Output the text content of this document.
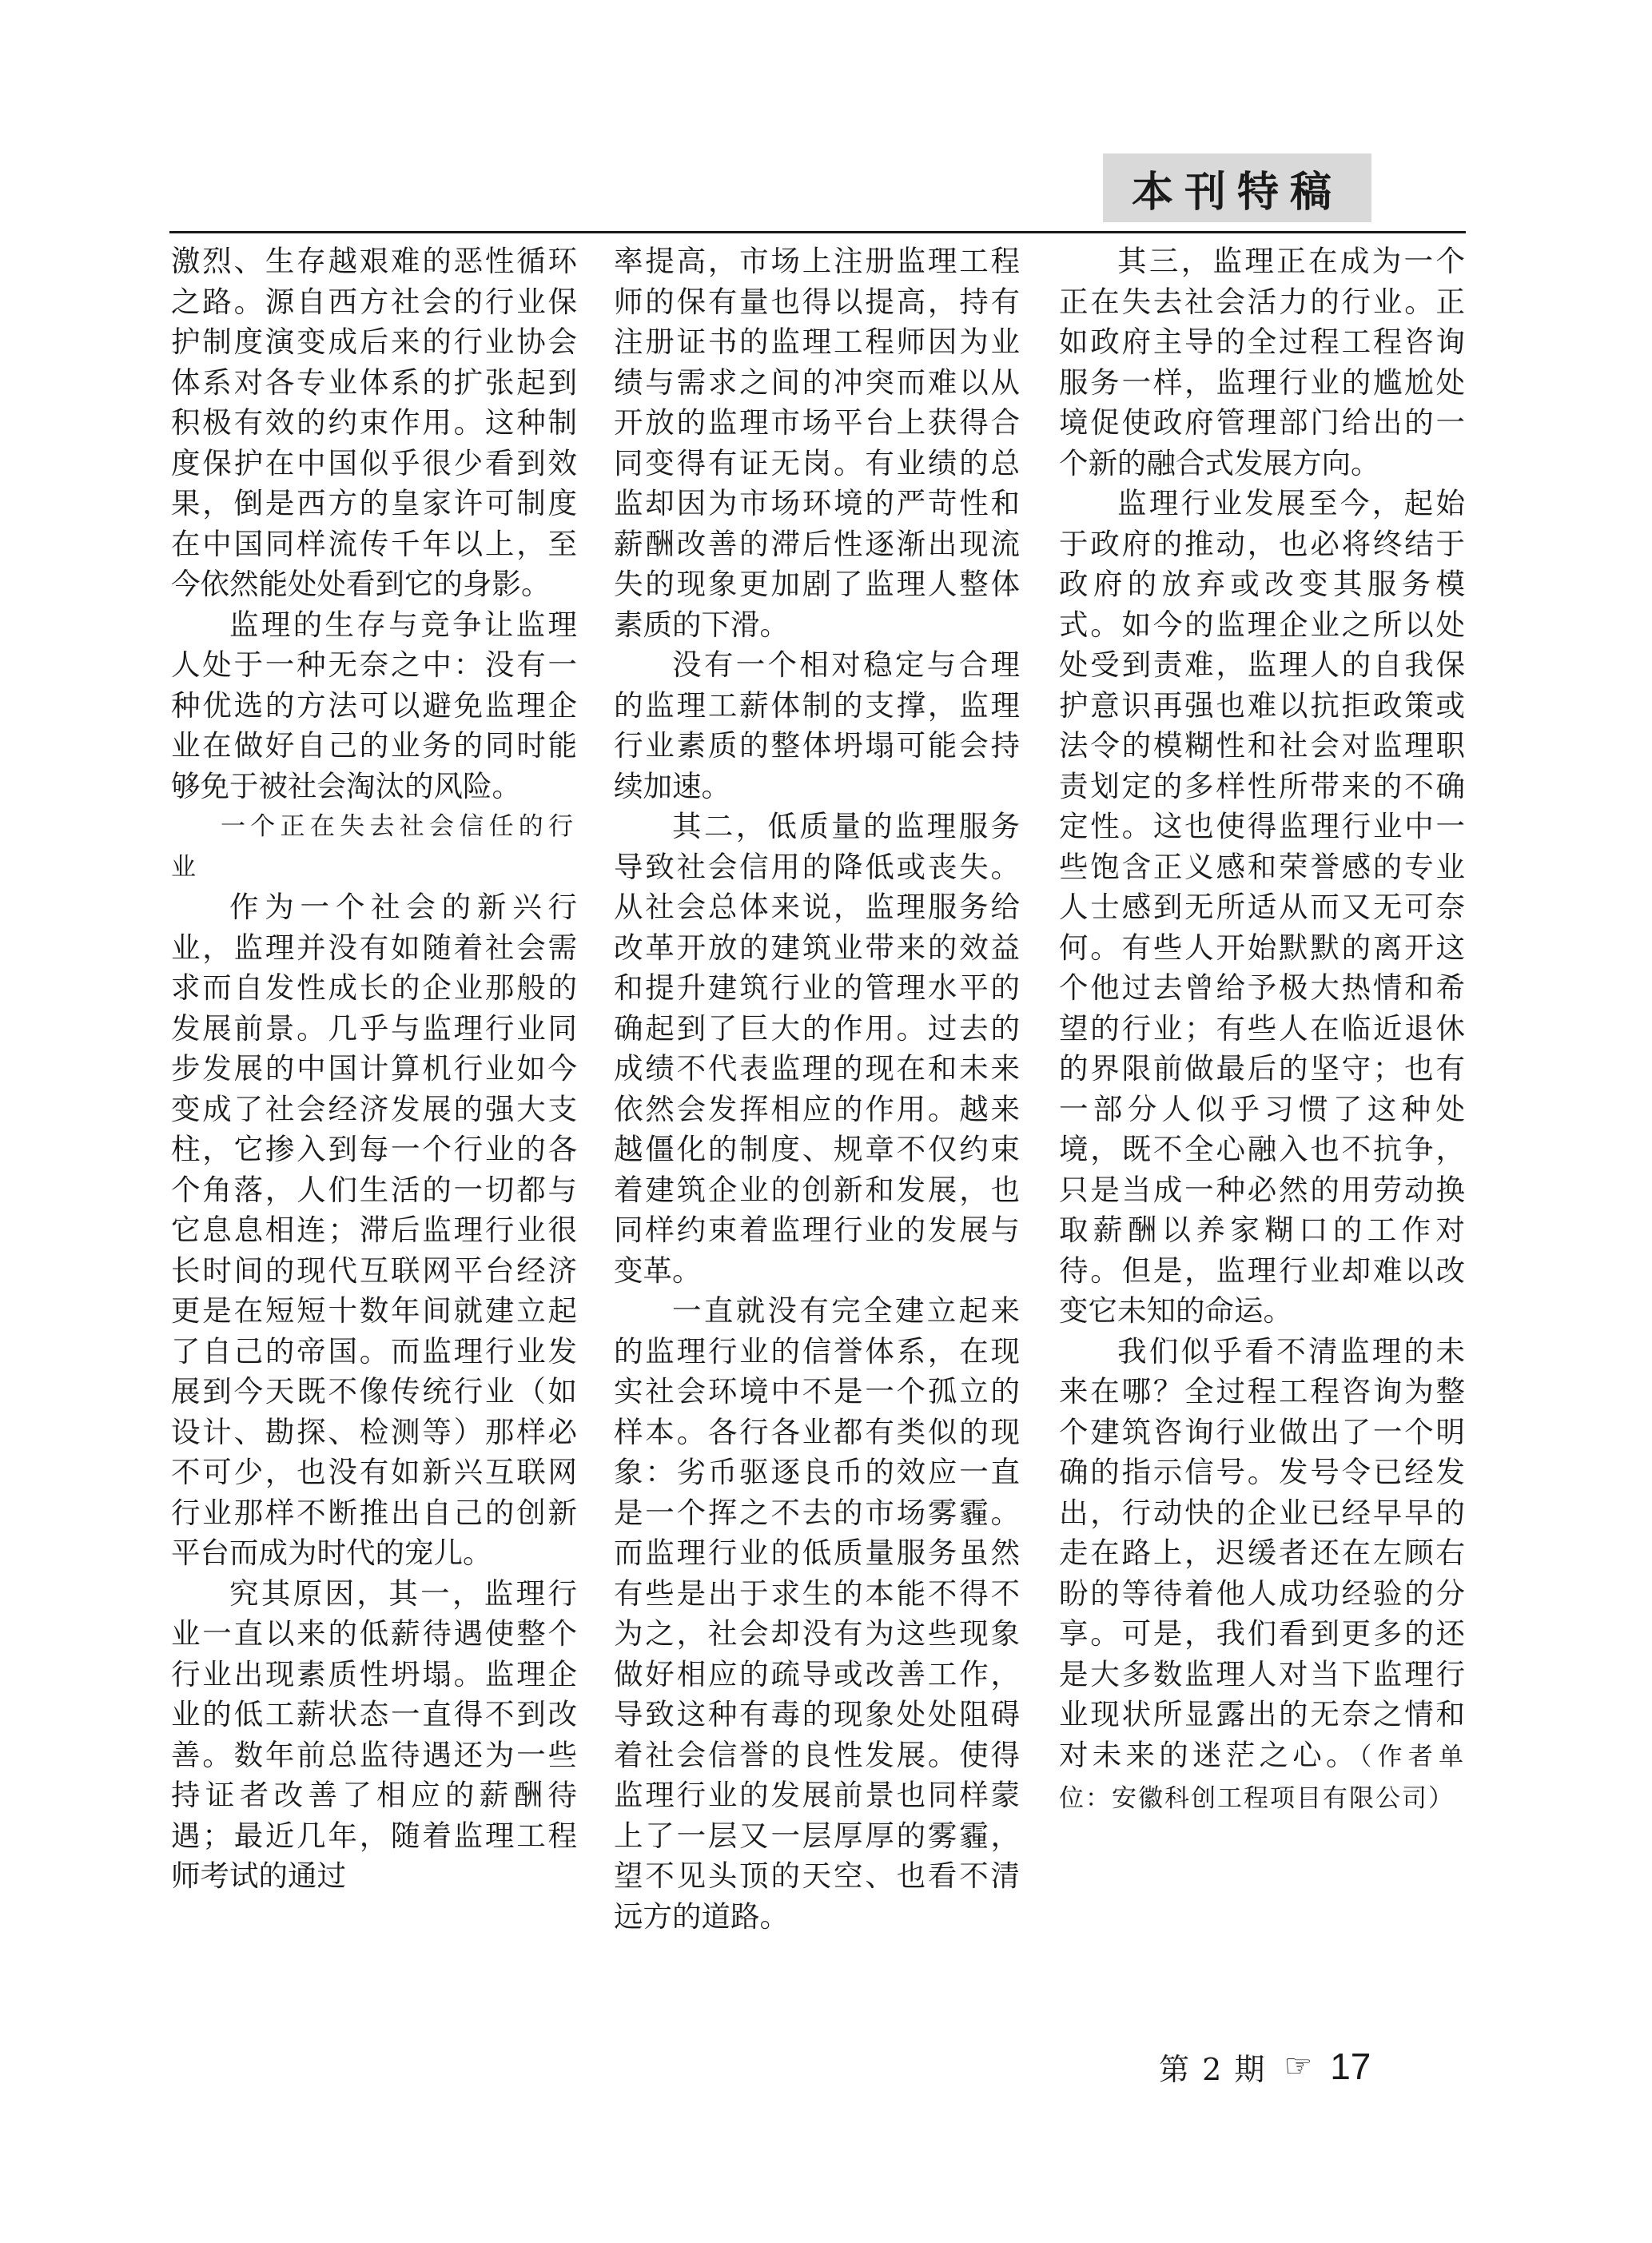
本刊特稿

激烈、生存越艰难的恶性循环之路。源自西方社会的行业保护制度演变成后来的行业协会体系对各专业体系的扩张起到积极有效的约束作用。这种制度保护在中国似乎很少看到效果，倒是西方的皇家许可制度在中国同样流传千年以上，至今依然能处处看到它的身影。

监理的生存与竞争让监理人处于一种无奈之中：没有一种优选的方法可以避免监理企业在做好自己的业务的同时能够免于被社会淘汰的风险。

一个正在失去社会信任的行业

作为一个社会的新兴行业，监理并没有如随着社会需求而自发性成长的企业那般的发展前景。几乎与监理行业同步发展的中国计算机行业如今变成了社会经济发展的强大支柱，它掺入到每一个行业的各个角落，人们生活的一切都与它息息相连；滞后监理行业很长时间的现代互联网平台经济更是在短短十数年间就建立起了自己的帝国。而监理行业发展到今天既不像传统行业（如设计、勘探、检测等）那样必不可少，也没有如新兴互联网行业那样不断推出自己的创新平台而成为时代的宠儿。

究其原因，其一，监理行业一直以来的低薪待遇使整个行业出现素质性坍塌。监理企业的低工薪状态一直得不到改善。数年前总监待遇还为一些持证者改善了相应的薪酬待遇；最近几年，随着监理工程师考试的通过

率提高，市场上注册监理工程师的保有量也得以提高，持有注册证书的监理工程师因为业绩与需求之间的冲突而难以从开放的监理市场平台上获得合同变得有证无岗。有业绩的总监却因为市场环境的严苛性和薪酬改善的滞后性逐渐出现流失的现象更加剧了监理人整体素质的下滑。

没有一个相对稳定与合理的监理工薪体制的支撑，监理行业素质的整体坍塌可能会持续加速。

其二，低质量的监理服务导致社会信用的降低或丧失。从社会总体来说，监理服务给改革开放的建筑业带来的效益和提升建筑行业的管理水平的确起到了巨大的作用。过去的成绩不代表监理的现在和未来依然会发挥相应的作用。越来越僵化的制度、规章不仅约束着建筑企业的创新和发展，也同样约束着监理行业的发展与变革。

一直就没有完全建立起来的监理行业的信誉体系，在现实社会环境中不是一个孤立的样本。各行各业都有类似的现象：劣币驱逐良币的效应一直是一个挥之不去的市场雾霾。而监理行业的低质量服务虽然有些是出于求生的本能不得不为之，社会却没有为这些现象做好相应的疏导或改善工作，导致这种有毒的现象处处阻碍着社会信誉的良性发展。使得监理行业的发展前景也同样蒙上了一层又一层厚厚的雾霾，望不见头顶的天空、也看不清远方的道路。

其三，监理正在成为一个正在失去社会活力的行业。正如政府主导的全过程工程咨询服务一样，监理行业的尴尬处境促使政府管理部门给出的一个新的融合式发展方向。

监理行业发展至今，起始于政府的推动，也必将终结于政府的放弃或改变其服务模式。如今的监理企业之所以处处受到责难，监理人的自我保护意识再强也难以抗拒政策或法令的模糊性和社会对监理职责划定的多样性所带来的不确定性。这也使得监理行业中一些饱含正义感和荣誉感的专业人士感到无所适从而又无可奈何。有些人开始默默的离开这个他过去曾给予极大热情和希望的行业；有些人在临近退休的界限前做最后的坚守；也有一部分人似乎习惯了这种处境，既不全心融入也不抗争，只是当成一种必然的用劳动换取薪酬以养家糊口的工作对待。但是，监理行业却难以改变它未知的命运。

我们似乎看不清监理的未来在哪？全过程工程咨询为整个建筑咨询行业做出了一个明确的指示信号。发号令已经发出，行动快的企业已经早早的走在路上，迟缓者还在左顾右盼的等待着他人成功经验的分享。可是，我们看到更多的还是大多数监理人对当下监理行业现状所显露出的无奈之情和对未来的迷茫之心。（作者单位：安徽科创工程项目有限公司）

第 2 期 ☞ 17
